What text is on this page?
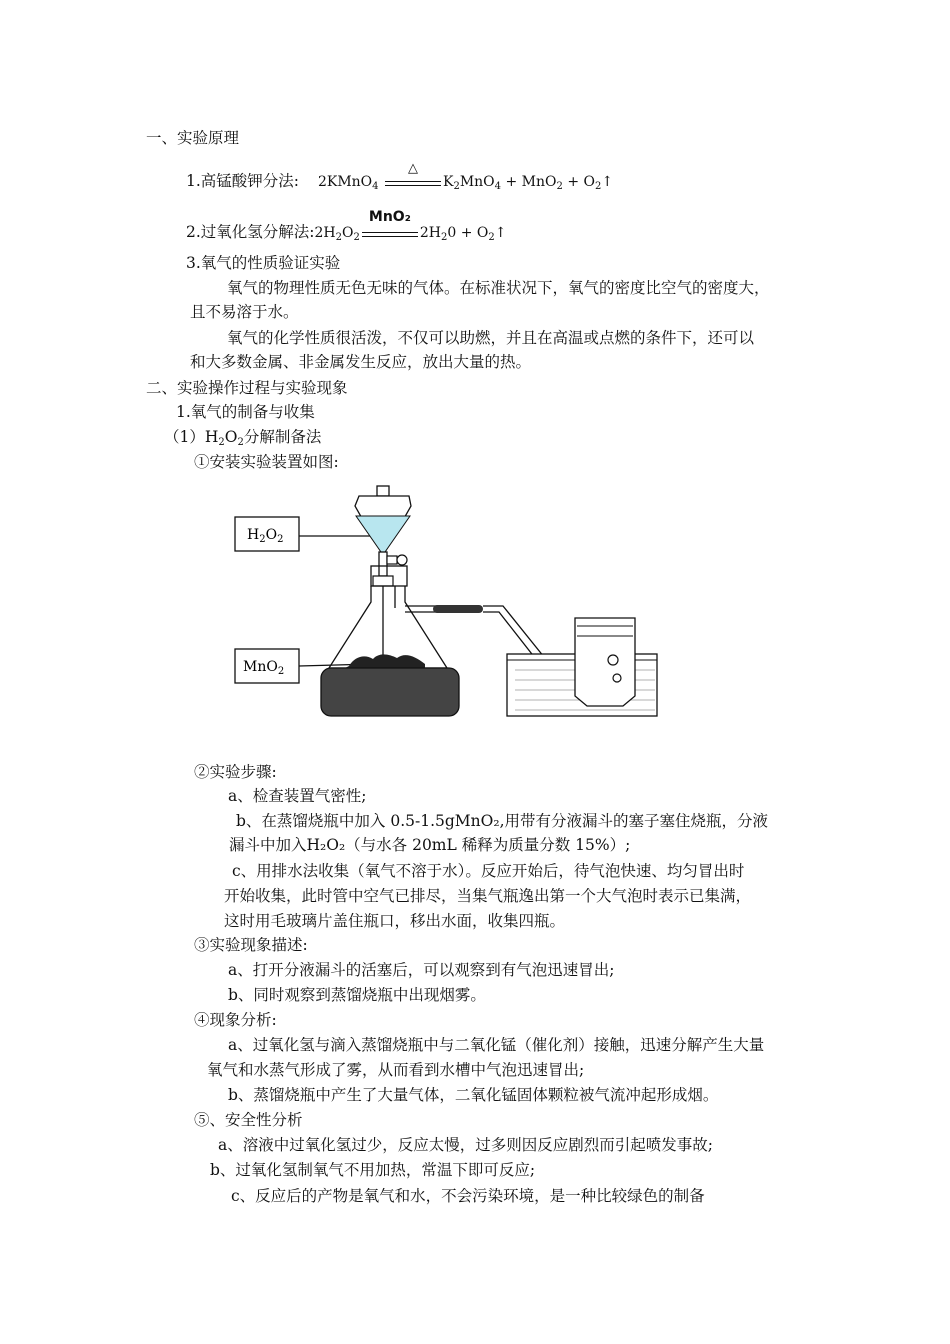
一、实验原理
1.高锰酸钾分法: 2KMnO$_4$
△
$K_2MnO_4 + MnO_2$ + $O_2↑$
2.过氧化氢分解法$:2H_2O_2$
MnO₂
$2H_20$ + $O_2↑$
3.氧气的性质验证实验
氧气的物理性质无色无味的气体。在标准状况下，氧气的密度比空气的密度大，
且不易溶于水。
氧气的化学性质很活泼，不仅可以助燃，并且在高温或点燃的条件下，还可以
和大多数金属、非金属发生反应，放出大量的热。
二、实验操作过程与实验现象
1.氧气的制备与收集
$(1)H_2O_2$分解制备法
①安装实验装置如图:
$H_2O_2$
MnO$_2$
②实验步骤:
a、检查装置气密性;
b、在蒸馏烧瓶中加入 0.5-1.5gMnO₂,用带有分液漏斗的塞子塞住烧瓶，分液
漏斗中加入H₂O₂（与水各 20mL 稀释为质量分数 15%）;
c、用排水法收集（氧气不溶于水）。反应开始后，待气泡快速、均匀冒出时
开始收集，此时管中空气已排尽，当集气瓶逸出第一个大气泡时表示已集满，
这时用毛玻璃片盖住瓶口，移出水面，收集四瓶。
③实验现象描述:
a、打开分液漏斗的活塞后，可以观察到有气泡迅速冒出;
b、同时观察到蒸馏烧瓶中出现烟雾。
④现象分析:
a、过氧化氢与滴入蒸馏烧瓶中与二氧化锰（催化剂）接触，迅速分解产生大量
氧气和水蒸气形成了雾，从而看到水槽中气泡迅速冒出;
b、蒸馏烧瓶中产生了大量气体，二氧化锰固体颗粒被气流冲起形成烟。
⑤、安全性分析
a、溶液中过氧化氢过少，反应太慢，过多则因反应剧烈而引起喷发事故;
b、过氧化氢制氧气不用加热，常温下即可反应;
c、反应后的产物是氧气和水，不会污染环境，是一种比较绿色的制备
